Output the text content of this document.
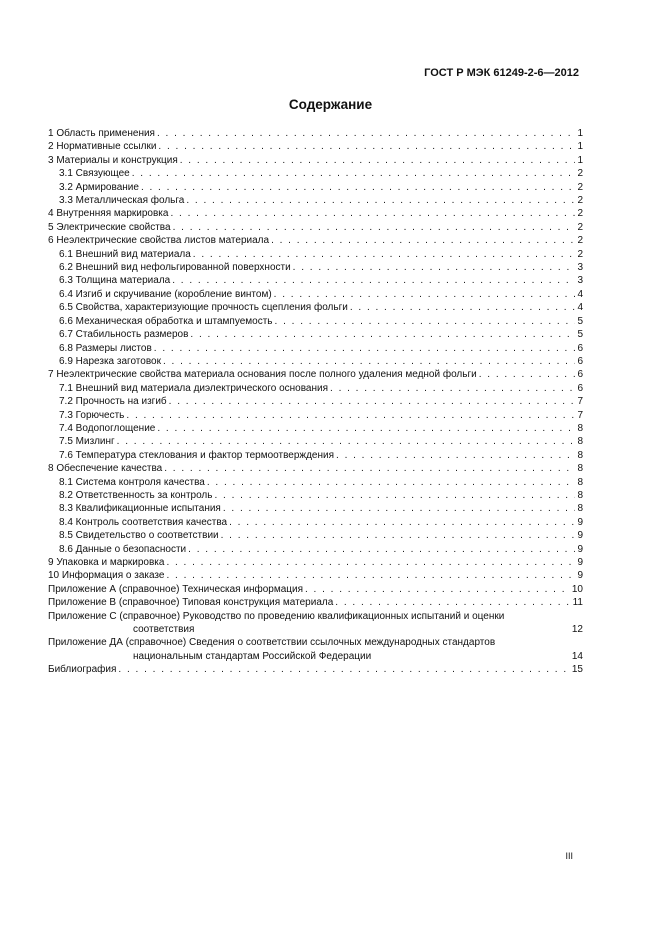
ГОСТ Р МЭК 61249-2-6—2012
Содержание
1 Область применения . . .	1
2 Нормативные ссылки . . .	1
3 Материалы и конструкция . . .	1
3.1 Связующее . . .	2
3.2 Армирование . . .	2
3.3 Металлическая фольга . . .	2
4 Внутренняя маркировка . . .	2
5 Электрические свойства . . .	2
6 Неэлектрические свойства листов материала . . .	2
6.1 Внешний вид материала . . .	2
6.2 Внешний вид нефольгированной поверхности . . .	3
6.3 Толщина материала . . .	3
6.4 Изгиб и скручивание (коробление винтом) . . .	4
6.5 Свойства, характеризующие прочность сцепления фольги . . .	4
6.6 Механическая обработка и штампуемость . . .	5
6.7 Стабильность размеров . . .	5
6.8 Размеры листов . . .	6
6.9 Нарезка заготовок . . .	6
7 Неэлектрические свойства материала основания после полного удаления медной фольги . . .	6
7.1 Внешний вид материала диэлектрического основания . . .	6
7.2 Прочность на изгиб . . .	7
7.3 Горючесть . . .	7
7.4 Водопоглощение . . .	8
7.5 Мизлинг . . .	8
7.6 Температура стеклования и фактор термоотверждения . . .	8
8 Обеспечение качества . . .	8
8.1 Система контроля качества . . .	8
8.2 Ответственность за контроль . . .	8
8.3 Квалификационные испытания . . .	8
8.4 Контроль соответствия качества . . .	9
8.5 Свидетельство о соответствии . . .	9
8.6 Данные о безопасности . . .	9
9 Упаковка и маркировка . . .	9
10 Информация о заказе . . .	9
Приложение А (справочное) Техническая информация . . .	10
Приложение В (справочное) Типовая конструкция материала . . .	11
Приложение С (справочное) Руководство по проведению квалификационных испытаний и оценки
соответствия	12
Приложение ДА (справочное) Сведения о соответствии ссылочных международных стандартов
национальным стандартам Российской Федерации	14
Библиография . . .	15
III
